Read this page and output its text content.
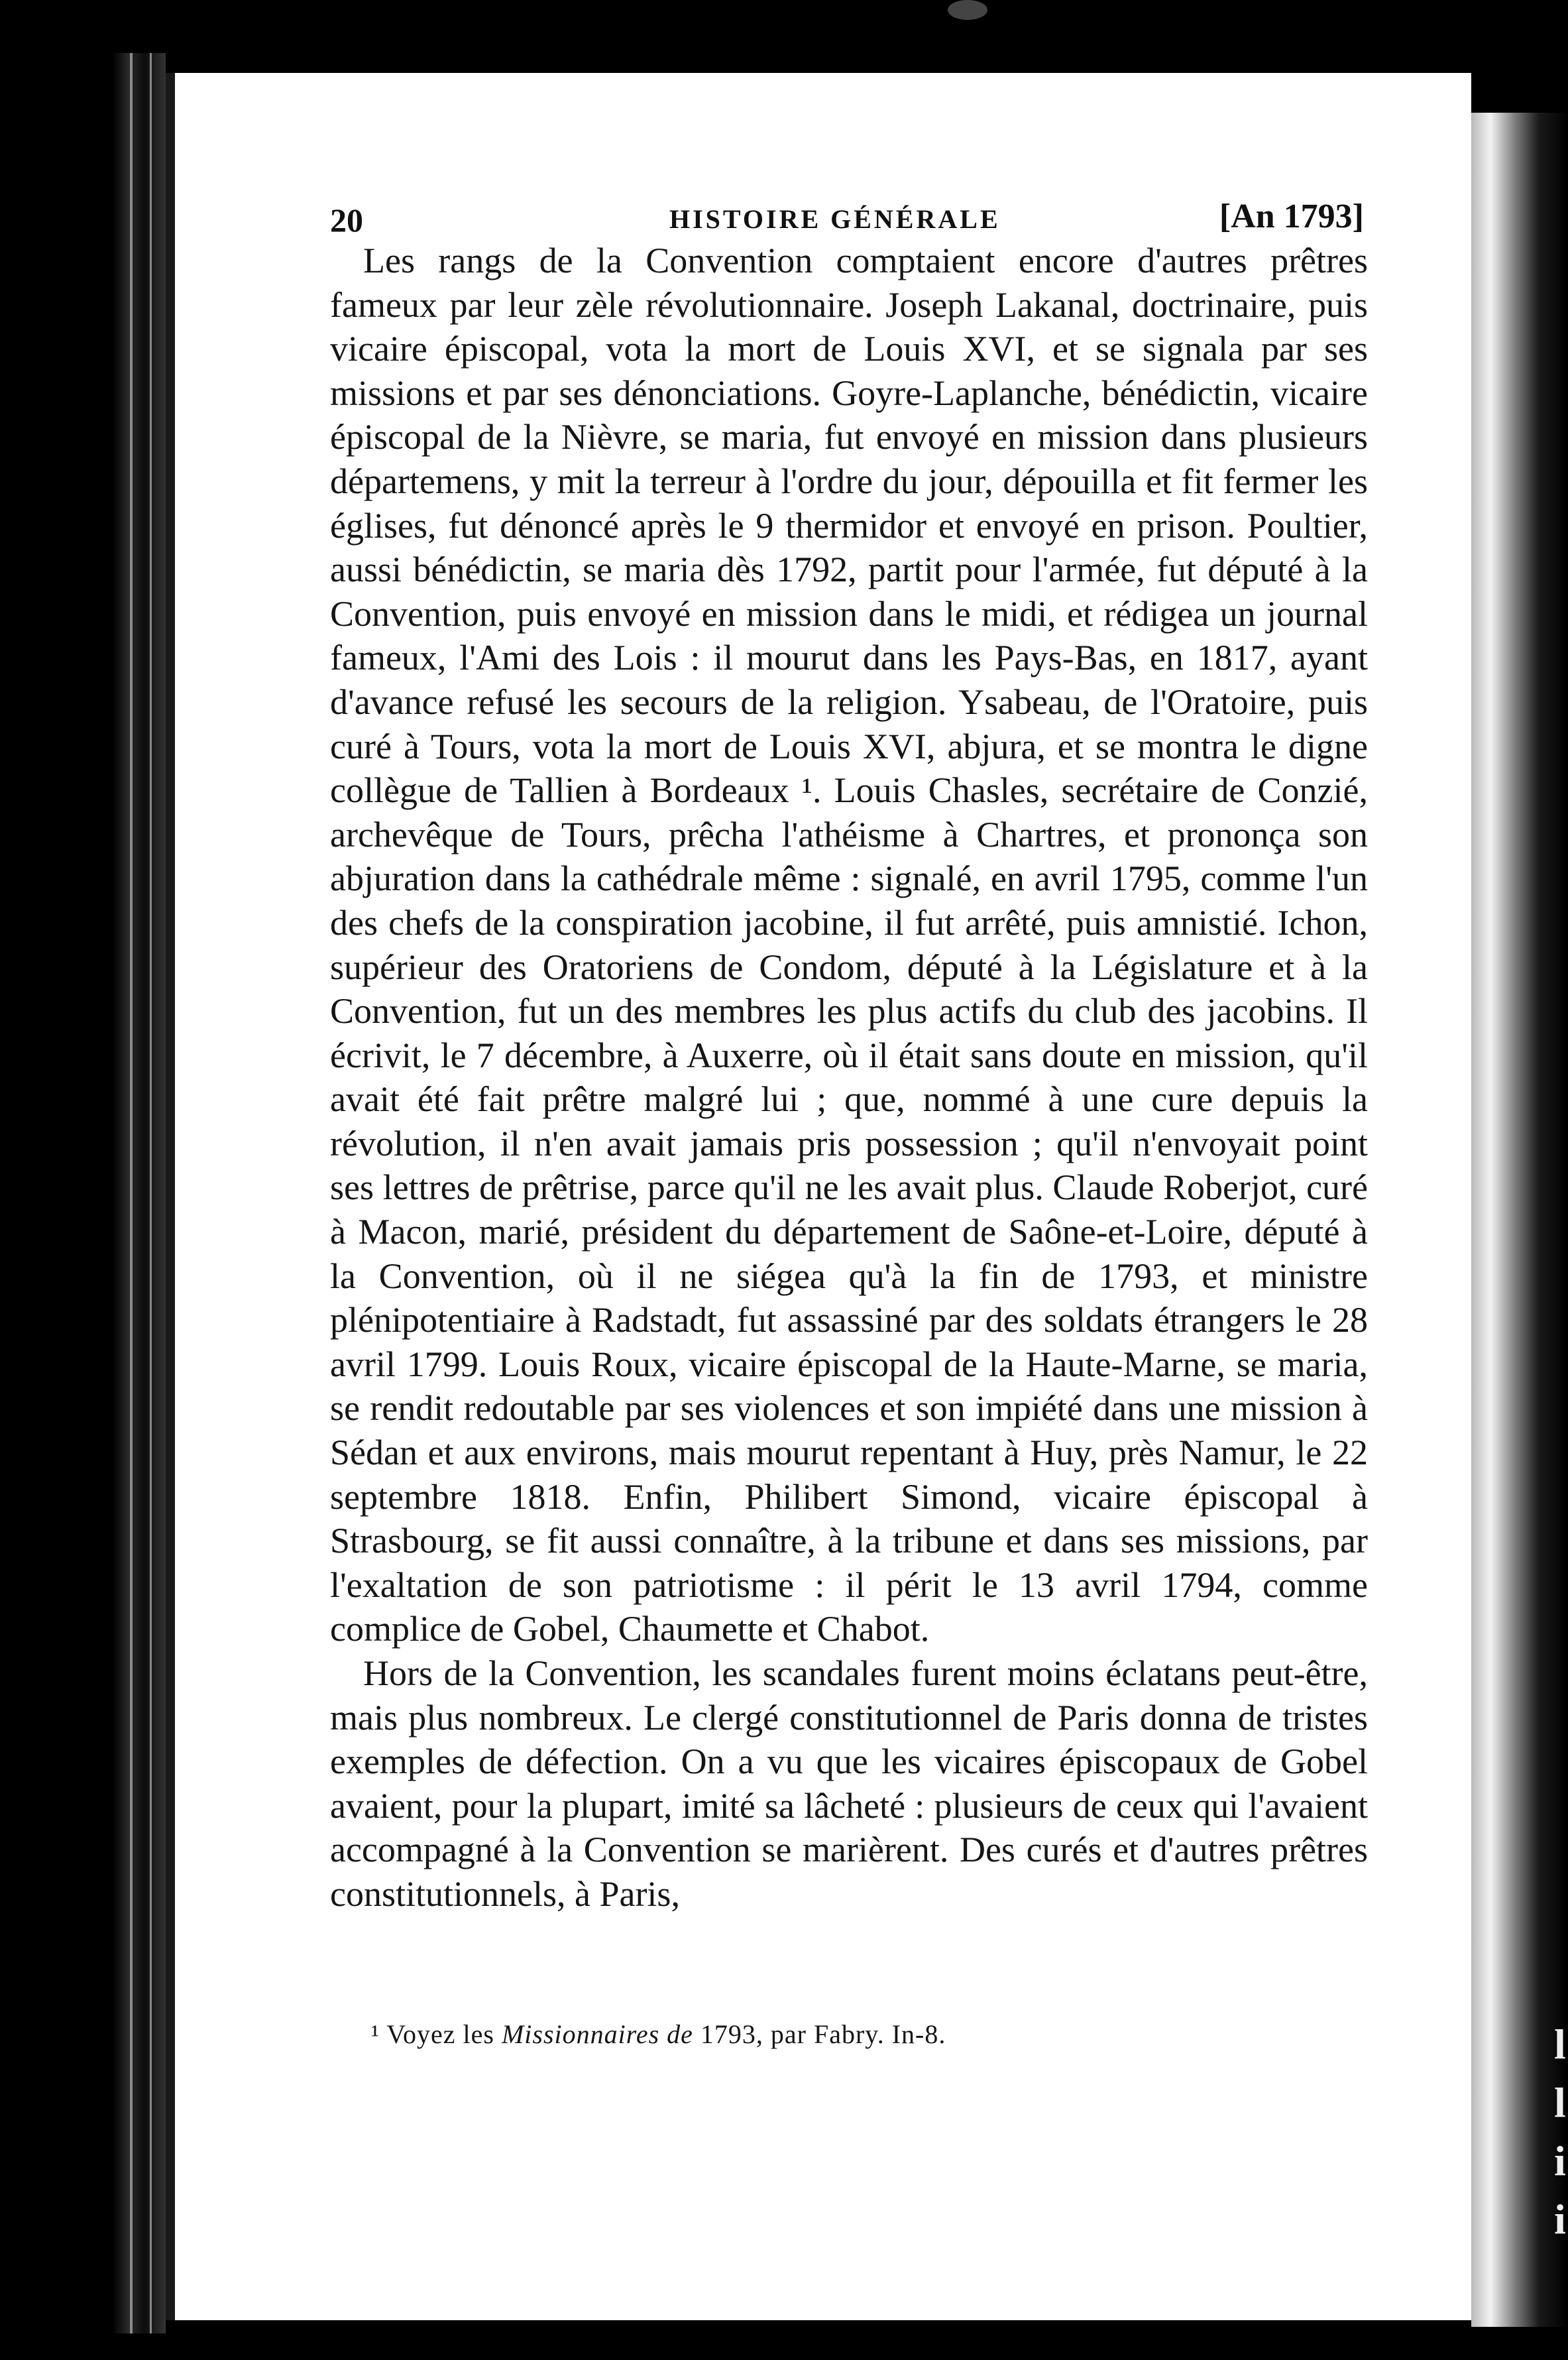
l
l
i
i
20	HISTOIRE GÉNÉRALE	[An 1793]

Les rangs de la Convention comptaient encore d'autres prêtres fameux par leur zèle révolutionnaire. Joseph Lakanal, doctrinaire, puis vicaire épiscopal, vota la mort de Louis XVI, et se signala par ses missions et par ses dénonciations. Goyre-Laplanche, bénédictin, vicaire épiscopal de la Nièvre, se maria, fut envoyé en mission dans plusieurs départemens, y mit la terreur à l'ordre du jour, dépouilla et fit fermer les églises, fut dénoncé après le 9 thermidor et envoyé en prison. Poultier, aussi bénédictin, se maria dès 1792, partit pour l'armée, fut député à la Convention, puis envoyé en mission dans le midi, et rédigea un journal fameux, l'Ami des Lois : il mourut dans les Pays-Bas, en 1817, ayant d'avance refusé les secours de la religion. Ysabeau, de l'Oratoire, puis curé à Tours, vota la mort de Louis XVI, abjura, et se montra le digne collègue de Tallien à Bordeaux ¹. Louis Chasles, secrétaire de Conzié, archevêque de Tours, prêcha l'athéisme à Chartres, et prononça son abjuration dans la cathédrale même : signalé, en avril 1795, comme l'un des chefs de la conspiration jacobine, il fut arrêté, puis amnistié. Ichon, supérieur des Oratoriens de Condom, député à la Législature et à la Convention, fut un des membres les plus actifs du club des jacobins. Il écrivit, le 7 décembre, à Auxerre, où il était sans doute en mission, qu'il avait été fait prêtre malgré lui ; que, nommé à une cure depuis la révolution, il n'en avait jamais pris possession ; qu'il n'envoyait point ses lettres de prêtrise, parce qu'il ne les avait plus. Claude Roberjot, curé à Macon, marié, président du département de Saône-et-Loire, député à la Convention, où il ne siégea qu'à la fin de 1793, et ministre plénipotentiaire à Radstadt, fut assassiné par des soldats étrangers le 28 avril 1799. Louis Roux, vicaire épiscopal de la Haute-Marne, se maria, se rendit redoutable par ses violences et son impiété dans une mission à Sédan et aux environs, mais mourut repentant à Huy, près Namur, le 22 septembre 1818. Enfin, Philibert Simond, vicaire épiscopal à Strasbourg, se fit aussi connaître, à la tribune et dans ses missions, par l'exaltation de son patriotisme : il périt le 13 avril 1794, comme complice de Gobel, Chaumette et Chabot.

Hors de la Convention, les scandales furent moins éclatans peut-être, mais plus nombreux. Le clergé constitutionnel de Paris donna de tristes exemples de défection. On a vu que les vicaires épiscopaux de Gobel avaient, pour la plupart, imité sa lâcheté : plusieurs de ceux qui l'avaient accompagné à la Convention se marièrent. Des curés et d'autres prêtres constitutionnels, à Paris,

¹ Voyez les Missionnaires de 1793, par Fabry. In-8.
